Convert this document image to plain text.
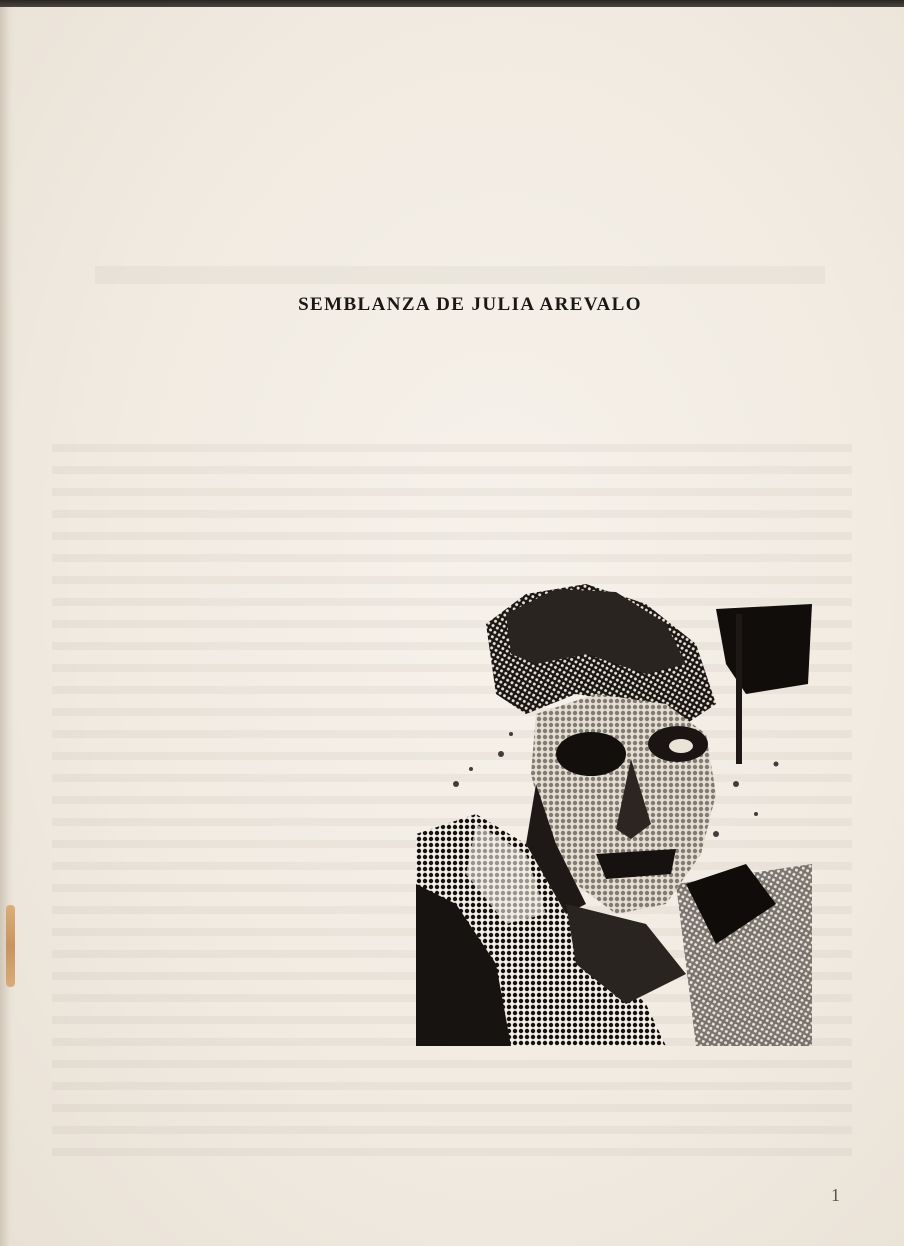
SEMBLANZA DE JULIA AREVALO
1
